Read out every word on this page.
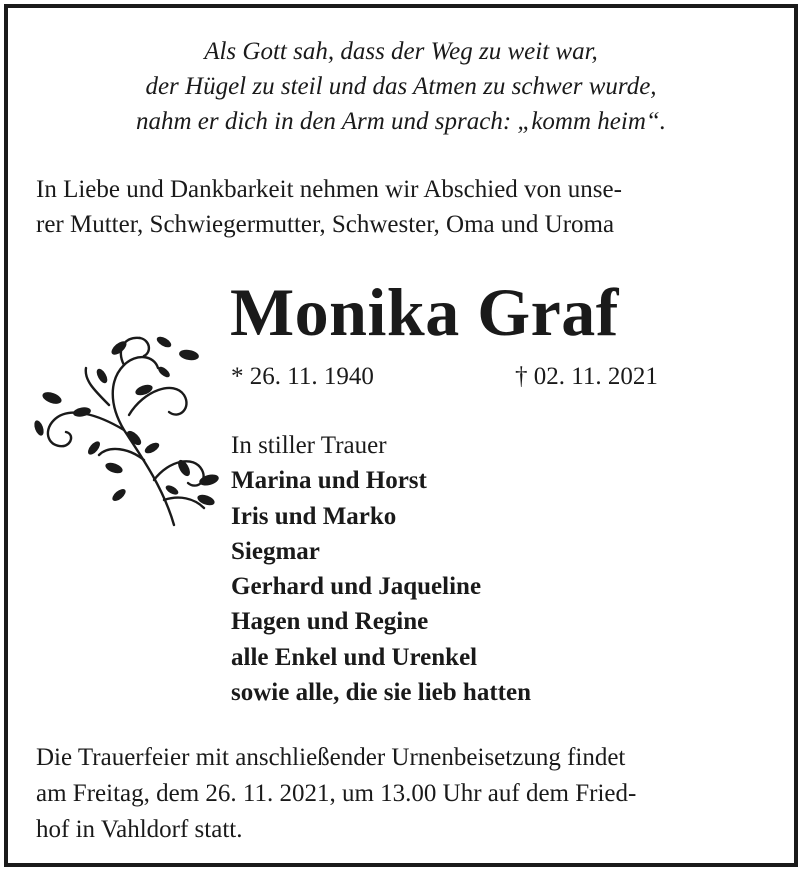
Als Gott sah, dass der Weg zu weit war,
der Hügel zu steil und das Atmen zu schwer wurde,
nahm er dich in den Arm und sprach: „komm heim“.
In Liebe und Dankbarkeit nehmen wir Abschied von unse-
rer Mutter, Schwiegermutter, Schwester, Oma und Uroma
Monika Graf
* 26. 11. 1940	† 02. 11. 2021
In stiller Trauer
Marina und Horst
Iris und Marko
Siegmar
Gerhard und Jaqueline
Hagen und Regine
alle Enkel und Urenkel
sowie alle, die sie lieb hatten
Die Trauerfeier mit anschließender Urnenbeisetzung findet
am Freitag, dem 26. 11. 2021, um 13.00 Uhr auf dem Fried-
hof in Vahldorf statt.
